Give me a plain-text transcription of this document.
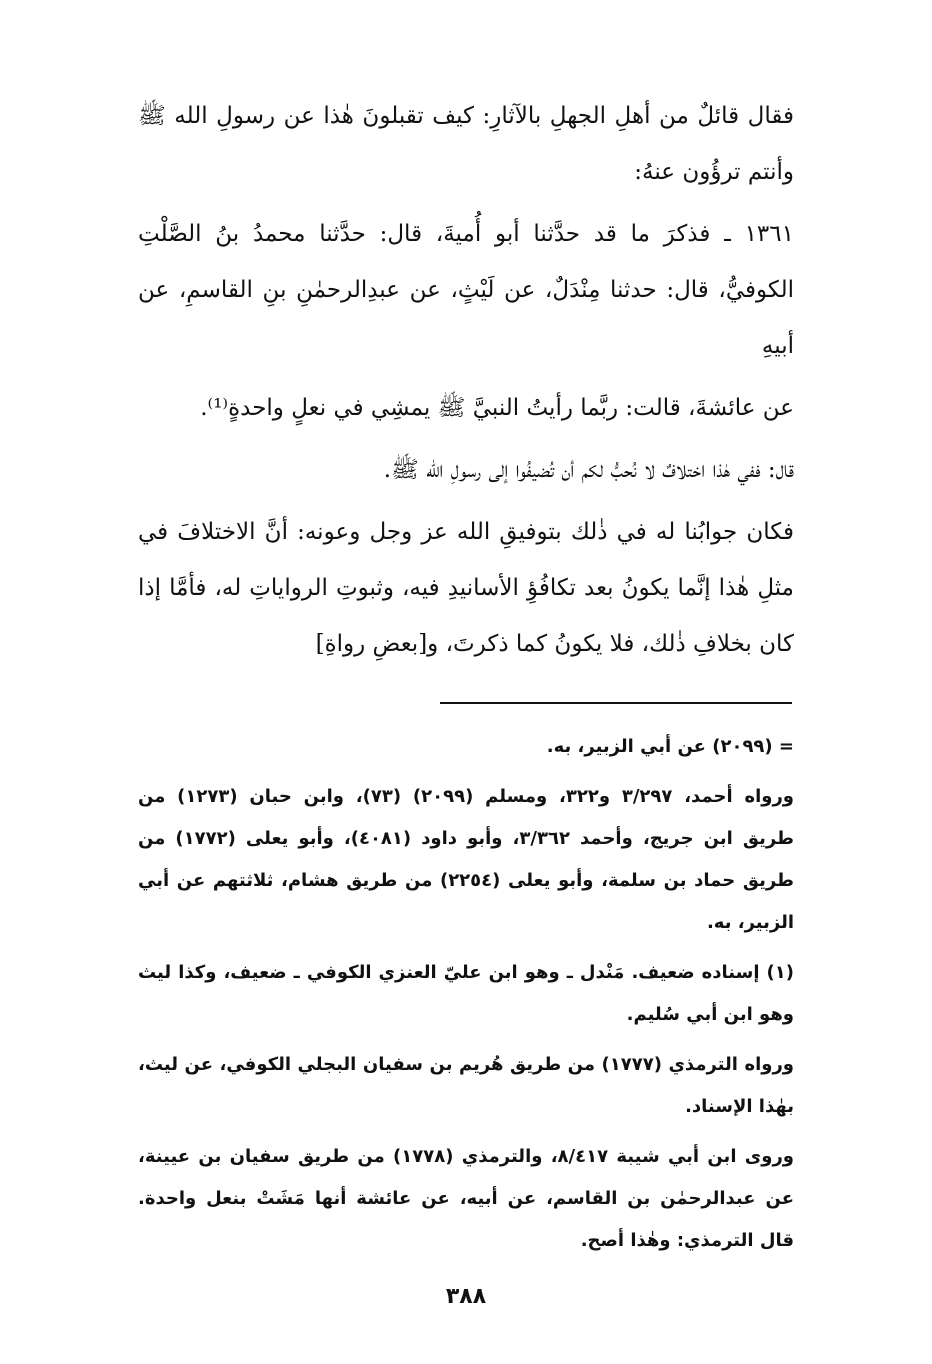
فقال قائلٌ من أهلِ الجهلِ بالآثارِ: كيف تقبلونَ هٰذا عن رسولِ الله ﷺ وأنتم ترؤُون عنهُ:

١٣٦١ ـ فذكرَ ما قد حدَّثنا أبو أُميةَ، قال: حدَّثنا محمدُ بنُ الصَّلْتِ الكوفيُّ، قال: حدثنا مِنْدَلٌ، عن لَيْثٍ، عن عبدِالرحمٰنِ بنِ القاسمِ، عن أبيهِ

عن عائشةَ، قالت: ربَّما رأيتُ النبيَّ ﷺ يمشِي في نعلٍ واحدةٍ⁽¹⁾.

قال: ففي هٰذا اختلافٌ لا نُحبُّ لكم أن تُضيفُوا إلى رسولِ الله ﷺ.

فكان جوابُنا له في ذٰلك بتوفيقِ الله عز وجل وعونه: أنَّ الاختلافَ في مثلِ هٰذا إنَّما يكونُ بعد تكافُؤِ الأسانيدِ فيه، وثبوتِ الرواياتِ له، فأمَّا إذا كان بخلافِ ذٰلك، فلا يكونُ كما ذكرتَ، و[بعضِ رواةِ]

= (٢٠٩٩) عن أبي الزبير، به.

ورواه أحمد، ٣/٢٩٧ و٣٢٢، ومسلم (٢٠٩٩) (٧٣)، وابن حبان (١٢٧٣) من طريق ابن جريج، وأحمد ٣/٣٦٢، وأبو داود (٤٠٨١)، وأبو يعلى (١٧٧٢) من طريق حماد بن سلمة، وأبو يعلى (٢٢٥٤) من طريق هشام، ثلاثتهم عن أبي الزبير، به.

(١) إسناده ضعيف. مَنْدل ـ وهو ابن عليّ العنزي الكوفي ـ ضعيف، وكذا ليث وهو ابن أبي سُليم.

ورواه الترمذي (١٧٧٧) من طريق هُريم بن سفيان البجلي الكوفي، عن ليث، بهٰذا الإسناد.

وروى ابن أبي شيبة ٨/٤١٧، والترمذي (١٧٧٨) من طريق سفيان بن عيينة، عن عبدالرحمٰن بن القاسم، عن أبيه، عن عائشة أنها مَشَتْ بنعل واحدة. قال الترمذي: وهٰذا أصح.

٣٨٨
